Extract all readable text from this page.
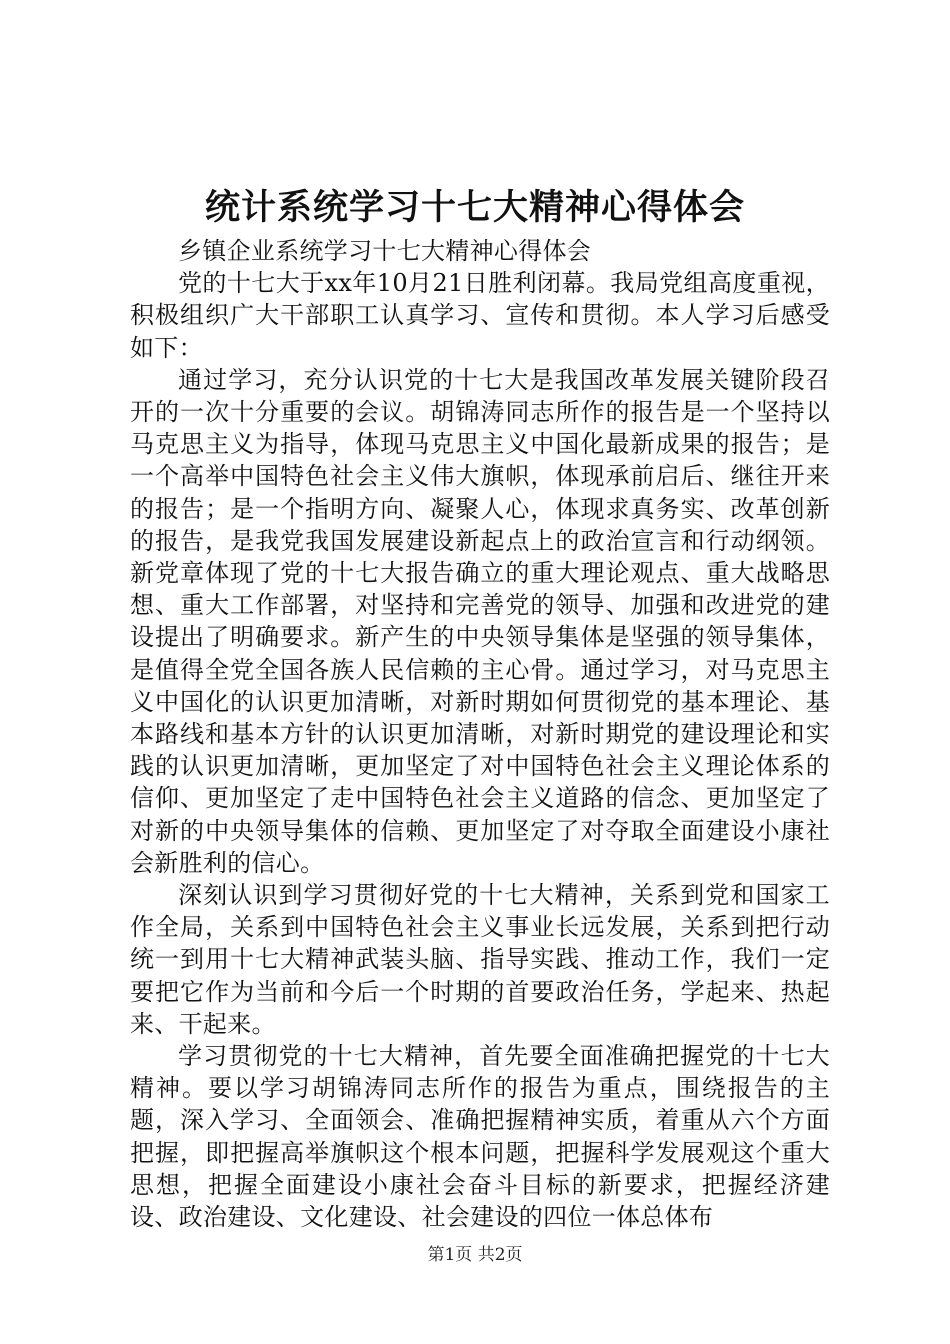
统计系统学习十七大精神心得体会

乡镇企业系统学习十七大精神心得体会

党的十七大于xx年10月21日胜利闭幕。我局党组高度重视，积极组织广大干部职工认真学习、宣传和贯彻。本人学习后感受如下：

通过学习，充分认识党的十七大是我国改革发展关键阶段召开的一次十分重要的会议。胡锦涛同志所作的报告是一个坚持以马克思主义为指导，体现马克思主义中国化最新成果的报告；是一个高举中国特色社会主义伟大旗帜，体现承前启后、继往开来的报告；是一个指明方向、凝聚人心，体现求真务实、改革创新的报告，是我党我国发展建设新起点上的政治宣言和行动纲领。新党章体现了党的十七大报告确立的重大理论观点、重大战略思想、重大工作部署，对坚持和完善党的领导、加强和改进党的建设提出了明确要求。新产生的中央领导集体是坚强的领导集体，是值得全党全国各族人民信赖的主心骨。通过学习，对马克思主义中国化的认识更加清晰，对新时期如何贯彻党的基本理论、基本路线和基本方针的认识更加清晰，对新时期党的建设理论和实践的认识更加清晰，更加坚定了对中国特色社会主义理论体系的信仰、更加坚定了走中国特色社会主义道路的信念、更加坚定了对新的中央领导集体的信赖、更加坚定了对夺取全面建设小康社会新胜利的信心。

深刻认识到学习贯彻好党的十七大精神，关系到党和国家工作全局，关系到中国特色社会主义事业长远发展，关系到把行动统一到用十七大精神武装头脑、指导实践、推动工作，我们一定要把它作为当前和今后一个时期的首要政治任务，学起来、热起来、干起来。

学习贯彻党的十七大精神，首先要全面准确把握党的十七大精神。要以学习胡锦涛同志所作的报告为重点，围绕报告的主题，深入学习、全面领会、准确把握精神实质，着重从六个方面把握，即把握高举旗帜这个根本问题，把握科学发展观这个重大思想，把握全面建设小康社会奋斗目标的新要求，把握经济建设、政治建设、文化建设、社会建设的四位一体总体布

第1页 共2页
